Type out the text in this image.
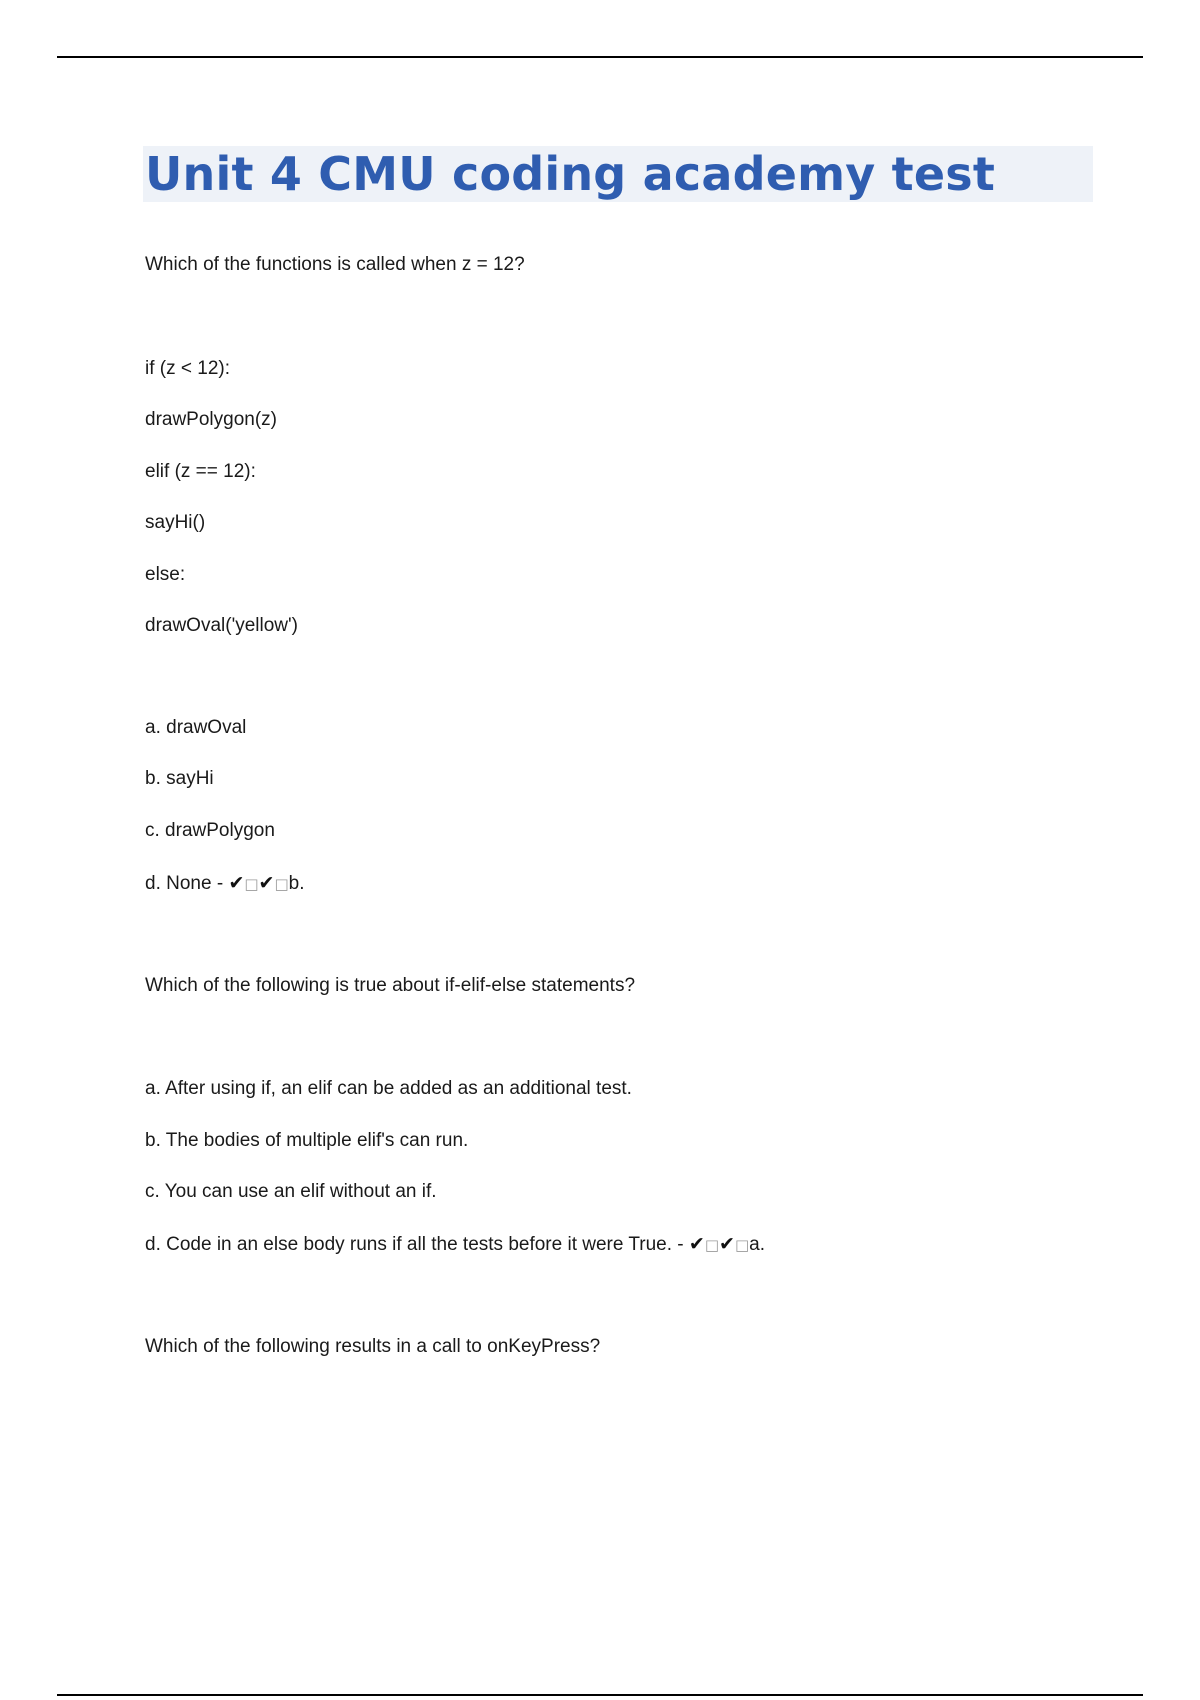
Unit 4 CMU coding academy test

Which of the functions is called when z = 12?

if (z < 12):

drawPolygon(z)

elif (z == 12):

sayHi()

else:

drawOval('yellow')

a. drawOval

b. sayHi

c. drawPolygon

d. None - ✔□✔□b.

Which of the following is true about if-elif-else statements?

a. After using if, an elif can be added as an additional test.

b. The bodies of multiple elif's can run.

c. You can use an elif without an if.

d. Code in an else body runs if all the tests before it were True. - ✔□✔□a.

Which of the following results in a call to onKeyPress?
